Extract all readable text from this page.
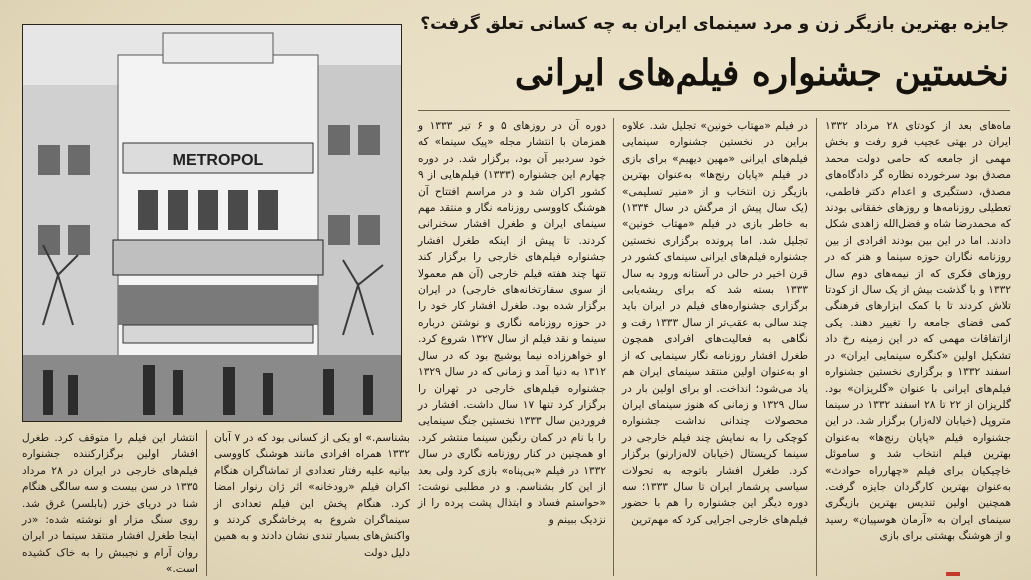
METROPOL
جایزه بهترین بازیگر زن و مرد سینمای ایران به چه کسانی تعلق گرفت؟
نخستین جشنواره فیلم‌های ایرانی

ماه‌های بعد از کودتای ۲۸ مرداد ۱۳۳۲ ایران در بهتی عجیب فرو رفت و بخش مهمی از جامعه که حامی دولت محمد مصدق بود سرخورده نظاره گر دادگاه‌های مصدق، دستگیری و اعدام دکتر فاطمی، تعطیلی روزنامه‌ها و روزهای خفقانی بودند که محمدرضا شاه و فضل‌الله زاهدی شکل دادند. اما در این بین بودند افرادی از بین روزنامه نگاران حوزه سینما و هنر که در روزهای فکری که از نیمه‌های دوم سال ۱۳۳۲ و با گذشت بیش از یک سال از کودتا تلاش کردند تا با کمک ابزارهای فرهنگی کمی فضای جامعه را تغییر دهند. یکی ازاتفاقات مهمی که در این زمینه رخ داد تشکیل اولین «کنگره سینمایی ایران» در اسفند ۱۳۳۲ و برگزاری نخستین جشنواره فیلم‌های ایرانی با عنوان «گلریزان» بود. گلریزان از ۲۲ تا ۲۸ اسفند ۱۳۳۲ در سینما متروپل (خیابان لاله‌زار) برگزار شد. در این جشنواره فیلم «پایان رنج‌ها» به‌عنوان بهترین فیلم انتخاب شد و ساموئل خاچیکیان برای فیلم «چهارراه حوادث» به‌عنوان بهترین کارگردان جایزه گرفت. همچنین اولین تندیس بهترین بازیگری سینمای ایران به «آرمان هوسپیان» رسید و از هوشنگ بهشتی برای بازی

در فیلم «مهتاب خونین» تجلیل شد. علاوه براین در نخستین جشنواره سینمایی فیلم‌های ایرانی «مهین دیهیم» برای بازی در فیلم «پایان رنج‌ها» به‌عنوان بهترین بازیگر زن انتخاب و از «منیر تسلیمی» (یک سال پیش از مرگش در سال ۱۳۳۴) به خاطر بازی در فیلم «مهتاب خونین» تجلیل شد. اما پرونده برگزاری نخستین جشنواره فیلم‌های ایرانی سینمای کشور در قرن اخیر در حالی در آستانه ورود به سال ۱۳۳۳ بسته شد که برای ریشه‌یابی برگزاری جشنواره‌های فیلم در ایران باید چند سالی به عقب‌تر از سال ۱۳۳۳ رفت و نگاهی به فعالیت‌های افرادی همچون طغرل افشار روزنامه نگار سینمایی که از او به‌عنوان اولین منتقد سینمای ایران هم یاد می‌شود؛ انداخت. او برای اولین بار در سال ۱۳۲۹ و زمانی که هنوز سینمای ایران محصولات چندانی نداشت جشنواره کوچکی را به نمایش چند فیلم خارجی در سینما کریستال (خیابان لاله‌زارنو) برگزار کرد. طغرل افشار باتوجه به تحولات سیاسی پرشمار ایران تا سال ۱۳۳۳؛ سه دوره دیگر این جشنواره را هم با حضور فیلم‌های خارجی اجرایی کرد که مهم‌ترین

دوره آن در روزهای ۵ و ۶ تیر ۱۳۳۳ و همزمان با انتشار مجله «پیک سینما» که خود سردبیر آن بود، برگزار شد. در دوره چهارم این جشنواره (۱۳۳۳) فیلم‌هایی از ۹ کشور اکران شد و در مراسم افتتاح آن هوشنگ کاووسی روزنامه نگار و منتقد مهم سینمای ایران و طغرل افشار سخنرانی کردند. تا پیش از اینکه طغرل افشار جشنواره فیلم‌های خارجی را برگزار کند تنها چند هفته فیلم خارجی (آن هم معمولا از سوی سفارتخانه‌های خارجی) در ایران برگزار شده بود. طغرل افشار کار خود را در حوزه روزنامه نگاری و نوشتن درباره سینما و نقد فیلم از سال ۱۳۲۷ شروع کرد. او خواهرزاده نیما یوشیج بود که در سال ۱۳۱۲ به دنیا آمد و زمانی که در سال ۱۳۲۹ جشنواره فیلم‌های خارجی در تهران را برگزار کرد تنها ۱۷ سال داشت. افشار در فروردین سال ۱۳۳۳ نخستین جنگ سینمایی را با نام در کمان رنگین سینما منتشر کرد. او همچنین در کنار روزنامه نگاری در سال ۱۳۳۲ در فیلم «بی‌پناه» بازی کرد ولی بعد از این کار بشناسم. و در مطلبی نوشت: «حواستم فساد و ابتذال پشت پرده را از نزدیک ببینم و

بشناسم.» او یکی از کسانی بود که در ۷ آبان ۱۳۳۲ همراه افرادی مانند هوشنگ کاووسی بیانیه علیه رفتار تعدادی از تماشاگران هنگام اکران فیلم «رودخانه» اثر ژان رنوار امضا کرد. هنگام پخش این فیلم تعدادی از سینماگران شروع به پرخاشگری کردند و واکنش‌های بسیار تندی نشان دادند و به همین دلیل دولت

انتشار این فیلم را متوقف کرد. طغرل افشار اولین برگزارکننده جشنواره فیلم‌های خارجی در ایران در ۲۸ مرداد ۱۳۳۵ در سن بیست و سه سالگی هنگام شنا در دریای خزر (بابلسر) غرق شد. روی سنگ مزار او نوشته شده: «در اینجا طغرل افشار منتقد سینما در ایران روان آرام و نجیبش را به خاک کشیده است.»
